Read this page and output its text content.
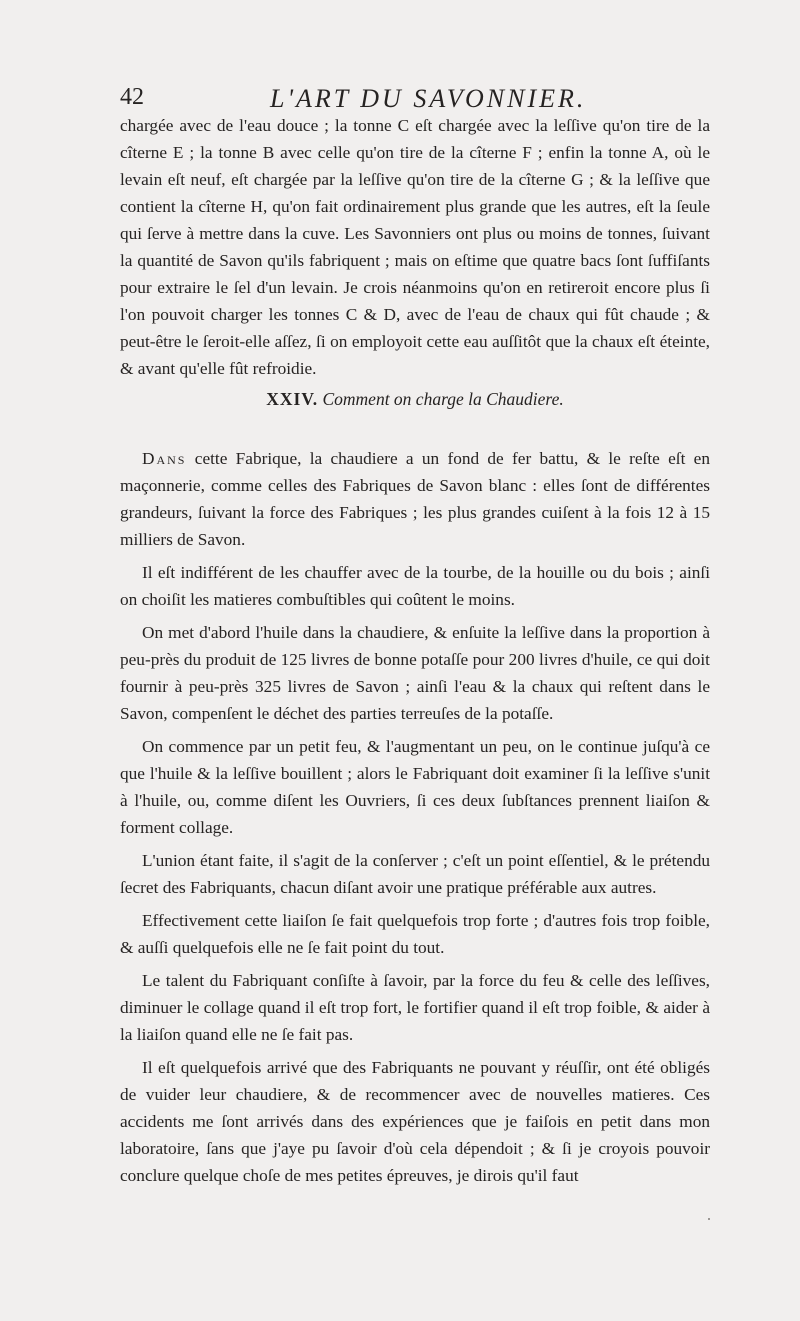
42	L'ART DU SAVONNIER.

chargée avec de l'eau douce ; la tonne C eſt chargée avec la leſſive qu'on tire de la cîterne E ; la tonne B avec celle qu'on tire de la cîterne F ; enfin la tonne A, où le levain eſt neuf, eſt chargée par la leſſive qu'on tire de la cîterne G ; & la leſſive que contient la cîterne H, qu'on fait ordinairement plus grande que les autres, eſt la ſeule qui ſerve à mettre dans la cuve. Les Savonniers ont plus ou moins de tonnes, ſuivant la quantité de Savon qu'ils fabriquent ; mais on eſtime que quatre bacs ſont ſuffiſants pour extraire le ſel d'un levain. Je crois néanmoins qu'on en retireroit encore plus ſi l'on pouvoit charger les tonnes C & D, avec de l'eau de chaux qui fût chaude ; & peut-être le ſeroit-elle aſſez, ſi on employoit cette eau auſſitôt que la chaux eſt éteinte, & avant qu'elle fût refroidie.

XXIV. Comment on charge la Chaudiere.

Dans cette Fabrique, la chaudiere a un fond de fer battu, & le reſte eſt en maçonnerie, comme celles des Fabriques de Savon blanc : elles ſont de différentes grandeurs, ſuivant la force des Fabriques ; les plus grandes cuiſent à la fois 12 à 15 milliers de Savon.

Il eſt indifférent de les chauffer avec de la tourbe, de la houille ou du bois ; ainſi on choiſit les matieres combuſtibles qui coûtent le moins.

On met d'abord l'huile dans la chaudiere, & enſuite la leſſive dans la proportion à peu-près du produit de 125 livres de bonne potaſſe pour 200 livres d'huile, ce qui doit fournir à peu-près 325 livres de Savon ; ainſi l'eau & la chaux qui reſtent dans le Savon, compenſent le déchet des parties terreuſes de la potaſſe.

On commence par un petit feu, & l'augmentant un peu, on le continue juſqu'à ce que l'huile & la leſſive bouillent ; alors le Fabriquant doit examiner ſi la leſſive s'unit à l'huile, ou, comme diſent les Ouvriers, ſi ces deux ſubſtances prennent liaiſon & forment collage.

L'union étant faite, il s'agit de la conſerver ; c'eſt un point eſſentiel, & le prétendu ſecret des Fabriquants, chacun diſant avoir une pratique préférable aux autres.

Effectivement cette liaiſon ſe fait quelquefois trop forte ; d'autres fois trop foible, & auſſi quelquefois elle ne ſe fait point du tout.

Le talent du Fabriquant conſiſte à ſavoir, par la force du feu & celle des leſſives, diminuer le collage quand il eſt trop fort, le fortifier quand il eſt trop foible, & aider à la liaiſon quand elle ne ſe fait pas.

Il eſt quelquefois arrivé que des Fabriquants ne pouvant y réuſſir, ont été obligés de vuider leur chaudiere, & de recommencer avec de nouvelles matieres. Ces accidents me ſont arrivés dans des expériences que je faiſois en petit dans mon laboratoire, ſans que j'aye pu ſavoir d'où cela dépendoit ; & ſi je croyois pouvoir conclure quelque choſe de mes petites épreuves, je dirois qu'il faut
